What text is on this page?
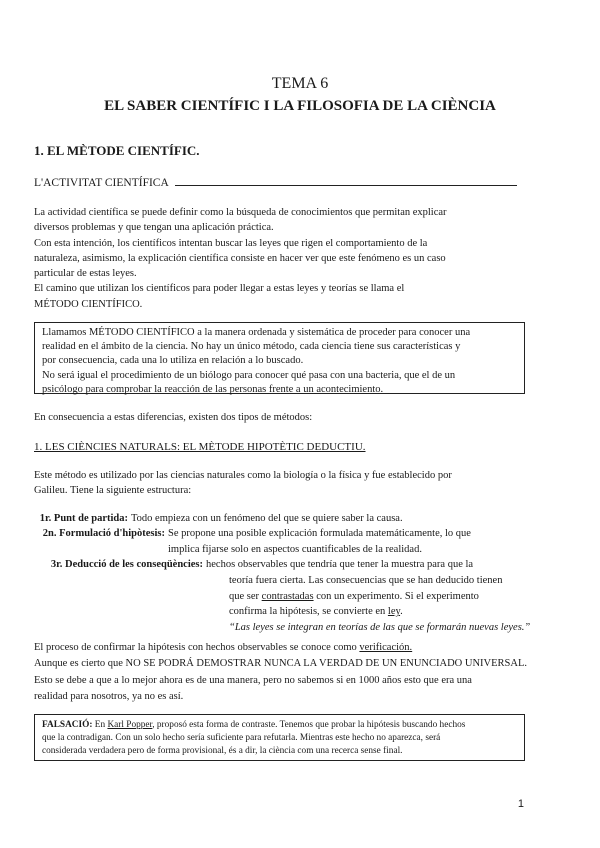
TEMA 6
EL SABER CIENTÍFIC I LA FILOSOFIA DE LA CIÈNCIA
1. EL MÈTODE CIENTÍFIC.
L'ACTIVITAT CIENTÍFICA
La actividad científica se puede definir como la búsqueda de conocimientos que permitan explicar
diversos problemas y que tengan una aplicación práctica.
Con esta intención, los científicos intentan buscar las leyes que rigen el comportamiento de la
naturaleza, asimismo, la explicación científica consiste en hacer ver que este fenómeno es un caso
particular de estas leyes.
El camino que utilizan los científicos para poder llegar a estas leyes y teorías se llama el
MÉTODO CIENTÍFICO.
Llamamos MÉTODO CIENTÍFICO a la manera ordenada y sistemática de proceder para conocer una
realidad en el ámbito de la ciencia. No hay un único método, cada ciencia tiene sus características y
por consecuencia, cada una lo utiliza en relación a lo buscado.
No será igual el procedimiento de un biólogo para conocer qué pasa con una bacteria, que el de un
psicólogo para comprobar la reacción de las personas frente a un acontecimiento.
En consecuencia a estas diferencias, existen dos tipos de métodos:
1. LES CIÈNCIES NATURALS: EL MÈTODE HIPOTÈTIC DEDUCTIU.
Este método es utilizado por las ciencias naturales como la biología o la física y fue establecido por
Galileu. Tiene la siguiente estructura:
1r. Punt de partida: Todo empieza con un fenómeno del que se quiere saber la causa.
2n. Formulació d'hipòtesis: Se propone una posible explicación formulada matemáticamente, lo que
implica fijarse solo en aspectos cuantificables de la realidad.
3r. Deducció de les conseqüències: hechos observables que tendría que tener la muestra para que la
teoría fuera cierta. Las consecuencias que se han deducido tienen
que ser contrastadas con un experimento. Si el experimento
confirma la hipótesis, se convierte en ley.
“Las leyes se integran en teorías de las que se formarán nuevas leyes.”
El proceso de confirmar la hipótesis con hechos observables se conoce como verificación.
Aunque es cierto que NO SE PODRÁ DEMOSTRAR NUNCA LA VERDAD DE UN ENUNCIADO UNIVERSAL.
Esto se debe a que a lo mejor ahora es de una manera, pero no sabemos si en 1000 años esto que era una
realidad para nosotros, ya no es así.
FALSACIÓ: En Karl Popper, proposó esta forma de contraste. Tenemos que probar la hipótesis buscando hechos
que la contradigan. Con un solo hecho sería suficiente para refutarla. Mientras este hecho no aparezca, será
considerada verdadera pero de forma provisional, és a dir, la ciència com una recerca sense final.
1
